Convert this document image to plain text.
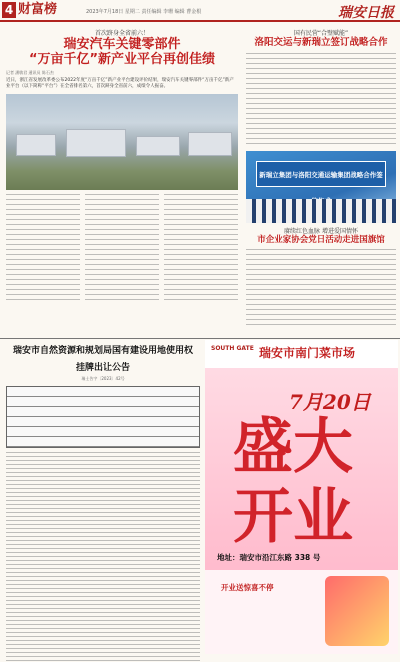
4 财富榜	2023年7月18日 星期二 责任编辑 李珊 编辑 曹金根	瑞安日报
首次跻身全省前六！
瑞安汽车关键零部件
“万亩千亿”新产业平台再创佳绩
记者 潘敏君 通讯员 陈石杰
近日，浙江省发展改革委公布2022年度“万亩千亿”新产业平台建设评价结果，瑞安汽车关键零部件“万亩千亿”新产业平台（以下简称“平台”）在全省排名第六，首次跻身全省前六，成绩令人振奋。
国有民营“合璧赋能”
洛阳交运与新瑞立签订战略合作
新瑞立集团与洛阳交通运输集团战略合作签
赓续红色血脉 增进爱国情怀
市企业家协会党日活动走进国旗馆
瑞安市自然资源和规划局国有建设用地使用权
挂牌出让公告
瑞土告字〔2023〕42号
SOUTH GATE 瑞安市南门菜市场
7月20日
盛大
开业
地址：瑞安市沿江东路 338 号
开业送惊喜不停
